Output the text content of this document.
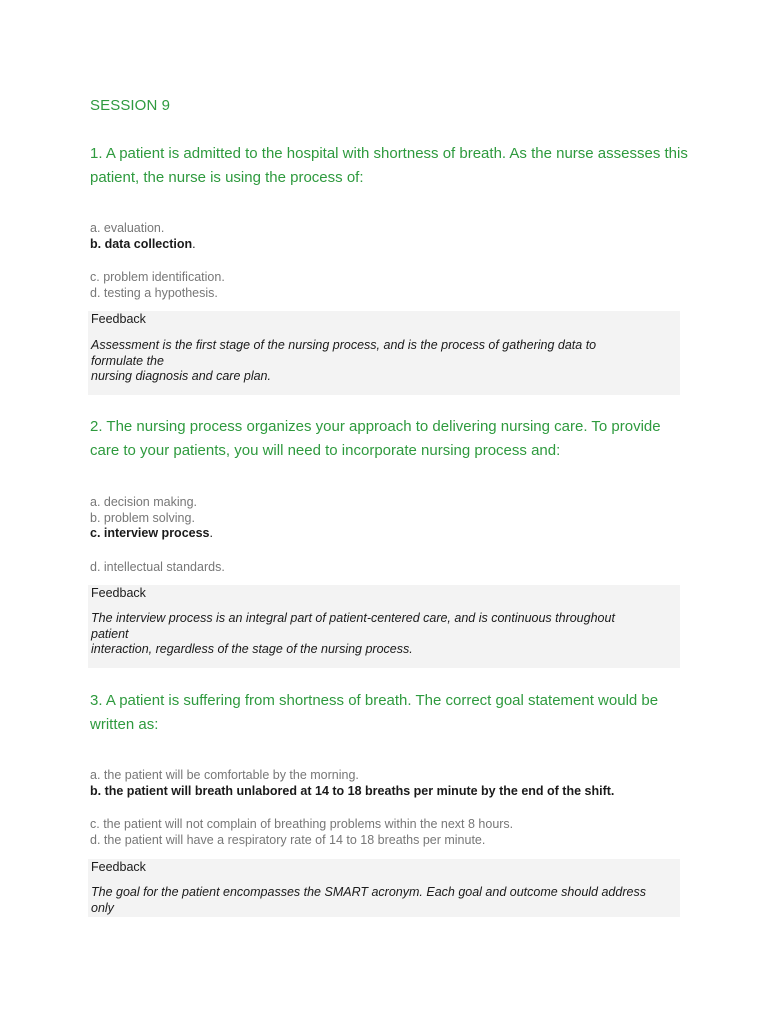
SESSION 9
1. A patient is admitted to the hospital with shortness of breath. As the nurse assesses this patient, the nurse is using the process of:
a. evaluation.
b. data collection.
c. problem identification.
d. testing a hypothesis.
Feedback
Assessment is the first stage of the nursing process, and is the process of gathering data to
formulate the
nursing diagnosis and care plan.
2. The nursing process organizes your approach to delivering nursing care. To provide care to your patients, you will need to incorporate nursing process and:
a. decision making.
b. problem solving.
c. interview process.
d. intellectual standards.
Feedback
The interview process is an integral part of patient-centered care, and is continuous throughout
patient
interaction, regardless of the stage of the nursing process.
3. A patient is suffering from shortness of breath. The correct goal statement would be written as:
a. the patient will be comfortable by the morning.
b. the patient will breath unlabored at 14 to 18 breaths per minute by the end of the shift.
c. the patient will not complain of breathing problems within the next 8 hours.
d. the patient will have a respiratory rate of 14 to 18 breaths per minute.
Feedback
The goal for the patient encompasses the SMART acronym. Each goal and outcome should address
only
